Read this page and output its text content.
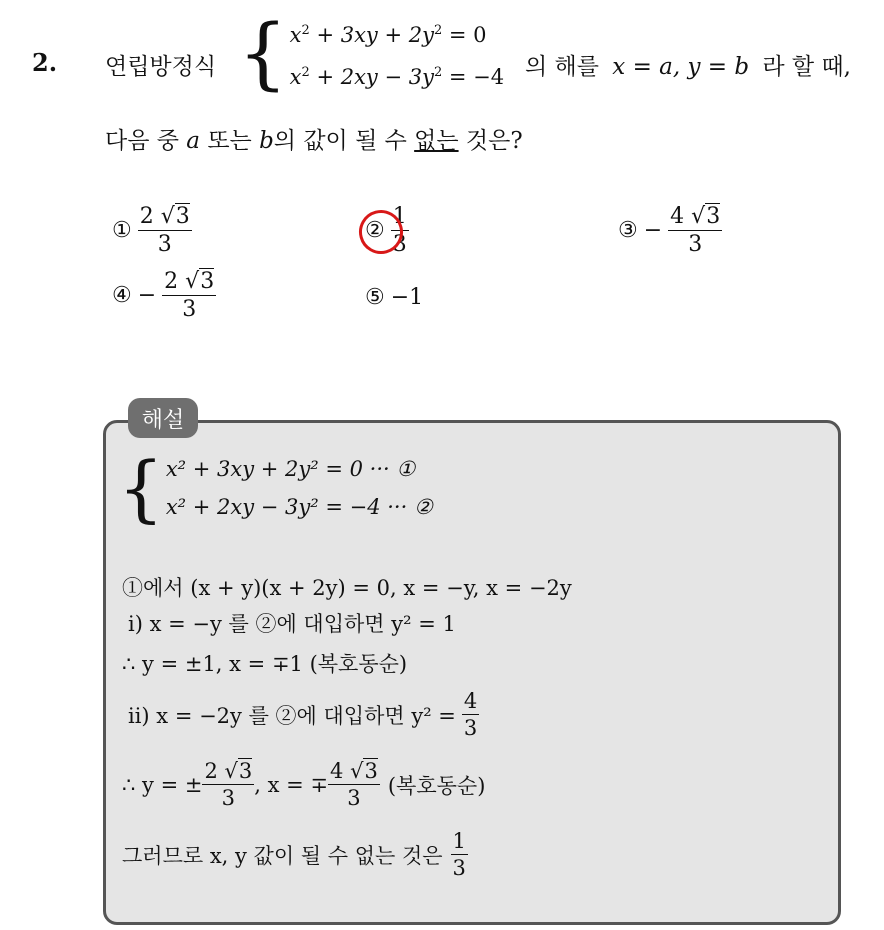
2. 연립방정식 { $x^2 + 3xy + 2y^2 = 0$
$x^2 + 2xy - 3y^2 = -4$ 의 해를 x = a, y = b 라 할 때,
다음 중 a 또는 b의 값이 될 수 없는 것은?
① $\frac{2 √3}{3}$	② $\frac{1}{3}$	③ − $\frac{4 √3}{3}$
④ − $\frac{2 √3}{3}$	⑤ −1
해설
{ x² + 3xy + 2y² = 0 ··· ①
x² + 2xy − 3y² = −4 ··· ②
①에서 (x + y)(x + 2y) = 0, x = −y, x = −2y
ⅰ) x = −y 를 ②에 대입하면 y² = 1
∴ y = ±1, x = ∓1 (복호동순)
ⅱ) x = −2y 를 ②에 대입하면 $y^2 = \frac{4}{3}$
∴ y = ± $\frac{2 √3}{3}$ , x = ∓ $\frac{4 √3}{3}$ (복호동순)
그러므로 x, y 값이 될 수 없는 것은 $\frac{1}{3}$
